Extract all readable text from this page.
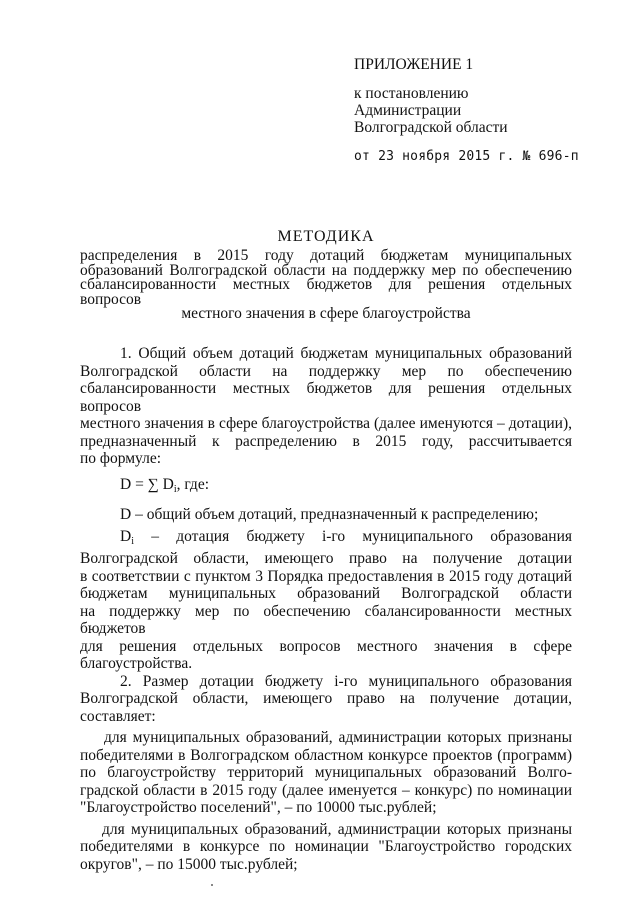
ПРИЛОЖЕНИЕ 1
к постановлению
Администрации
Волгоградской области
от 23 ноября 2015 г. № 696-п
МЕТОДИКА
распределения в 2015 году дотаций бюджетам муниципальных
образований Волгоградской области на поддержку мер по обеспечению
сбалансированности местных бюджетов для решения отдельных вопросов
местного значения в сфере благоустройства
1. Общий объем дотаций бюджетам муниципальных образований
Волгоградской области на поддержку мер по обеспечению
сбалансированности местных бюджетов для решения отдельных вопросов
местного значения в сфере благоустройства (далее именуются – дотации),
предназначенный к распределению в 2015 году, рассчитывается
по формуле:
D = ∑ $D_i$, где:
D – общий объем дотаций, предназначенный к распределению;
$D_i$ – дотация бюджету i-го муниципального образования
Волгоградской области, имеющего право на получение дотации
в соответствии с пунктом 3 Порядка предоставления в 2015 году дотаций
бюджетам муниципальных образований Волгоградской области
на поддержку мер по обеспечению сбалансированности местных бюджетов
для решения отдельных вопросов местного значения в сфере
благоустройства.
2. Размер дотации бюджету i-го муниципального образования
Волгоградской области, имеющего право на получение дотации,
составляет:
для муниципальных образований, администрации которых признаны
победителями в Волгоградском областном конкурсе проектов (программ)
по благоустройству территорий муниципальных образований Волго-
градской области в 2015 году (далее именуется – конкурс) по номинации
"Благоустройство поселений", – по 10000 тыс.рублей;
для муниципальных образований, администрации которых признаны
победителями в конкурсе по номинации "Благоустройство городских
округов", – по 15000 тыс.рублей;
